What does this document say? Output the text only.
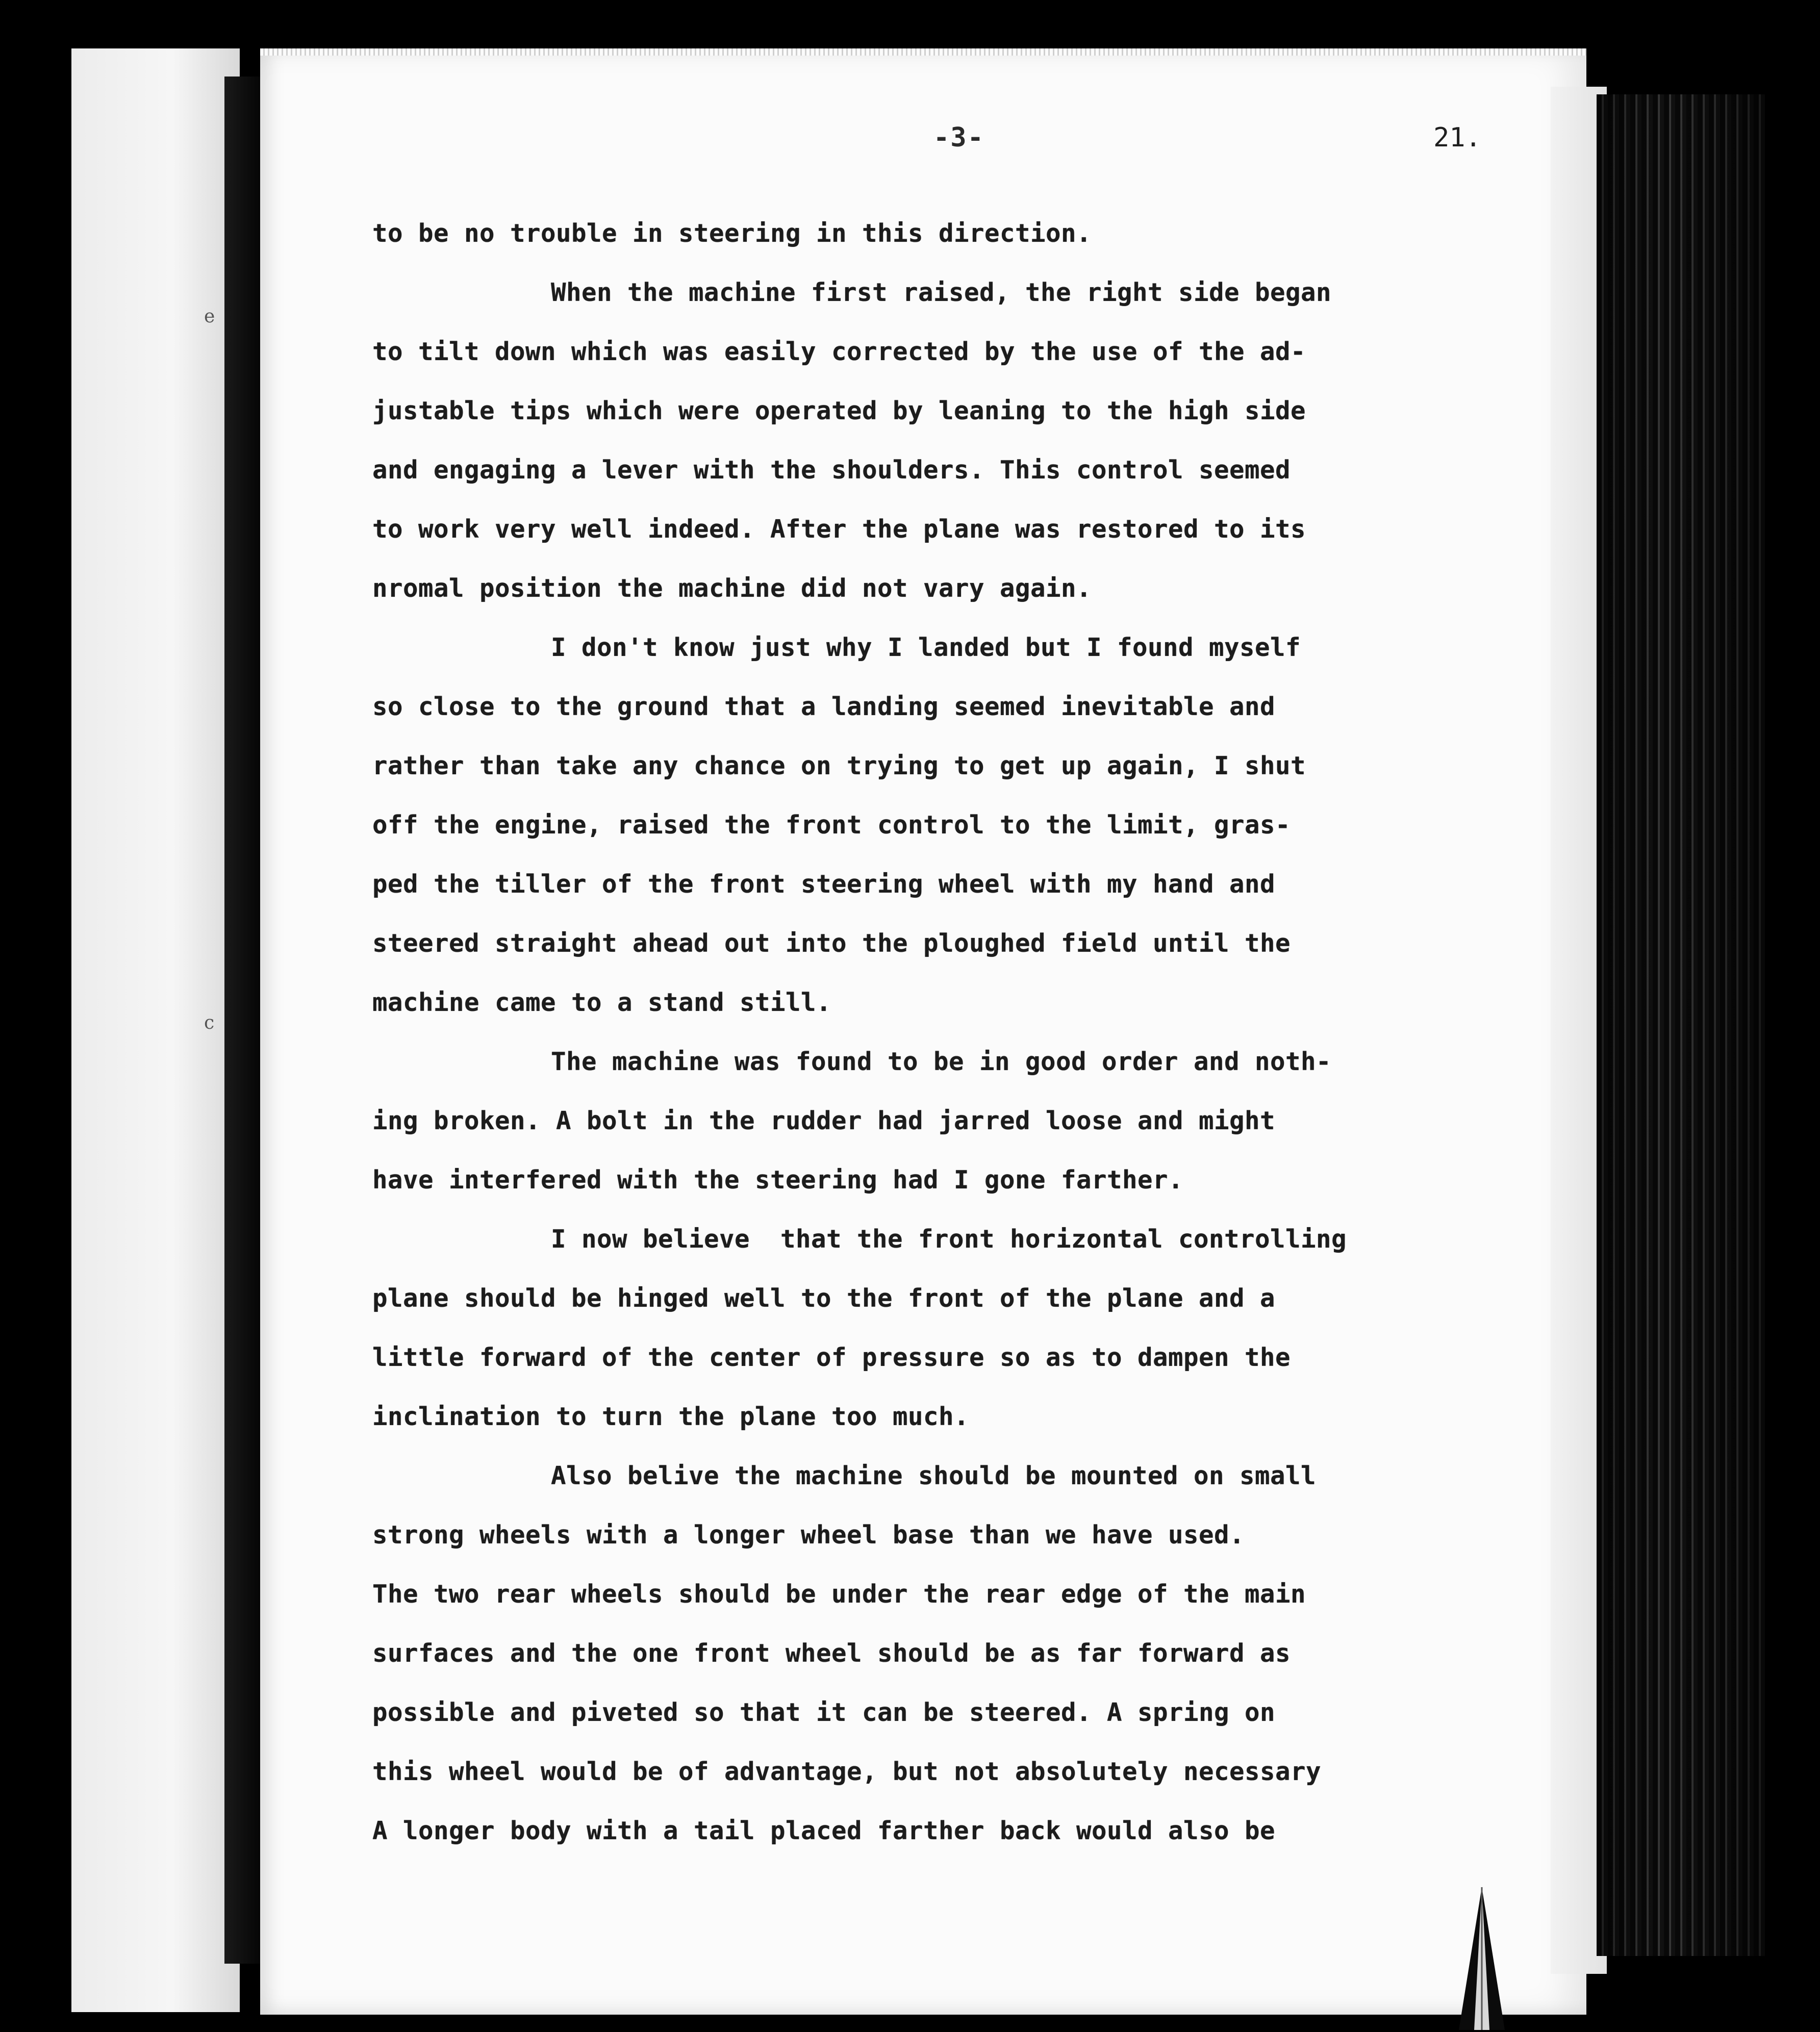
e
c
-3-	21.
to be no trouble in steering in this direction.
When the machine first raised, the right side began
to tilt down which was easily corrected by the use of the ad-
justable tips which were operated by leaning to the high side
and engaging a lever with the shoulders. This control seemed
to work very well indeed. After the plane was restored to its
nromal position the machine did not vary again.
I don't know just why I landed but I found myself
so close to the ground that a landing seemed inevitable and
rather than take any chance on trying to get up again, I shut
off the engine, raised the front control to the limit, gras-
ped the tiller of the front steering wheel with my hand and
steered straight ahead out into the ploughed field until the
machine came to a stand still.
The machine was found to be in good order and noth-
ing broken. A bolt in the rudder had jarred loose and might
have interfered with the steering had I gone farther.
I now believe  that the front horizontal controlling
plane should be hinged well to the front of the plane and a
little forward of the center of pressure so as to dampen the
inclination to turn the plane too much.
Also belive the machine should be mounted on small
strong wheels with a longer wheel base than we have used.
The two rear wheels should be under the rear edge of the main
surfaces and the one front wheel should be as far forward as
possible and piveted so that it can be steered. A spring on
this wheel would be of advantage, but not absolutely necessary
A longer body with a tail placed farther back would also be
